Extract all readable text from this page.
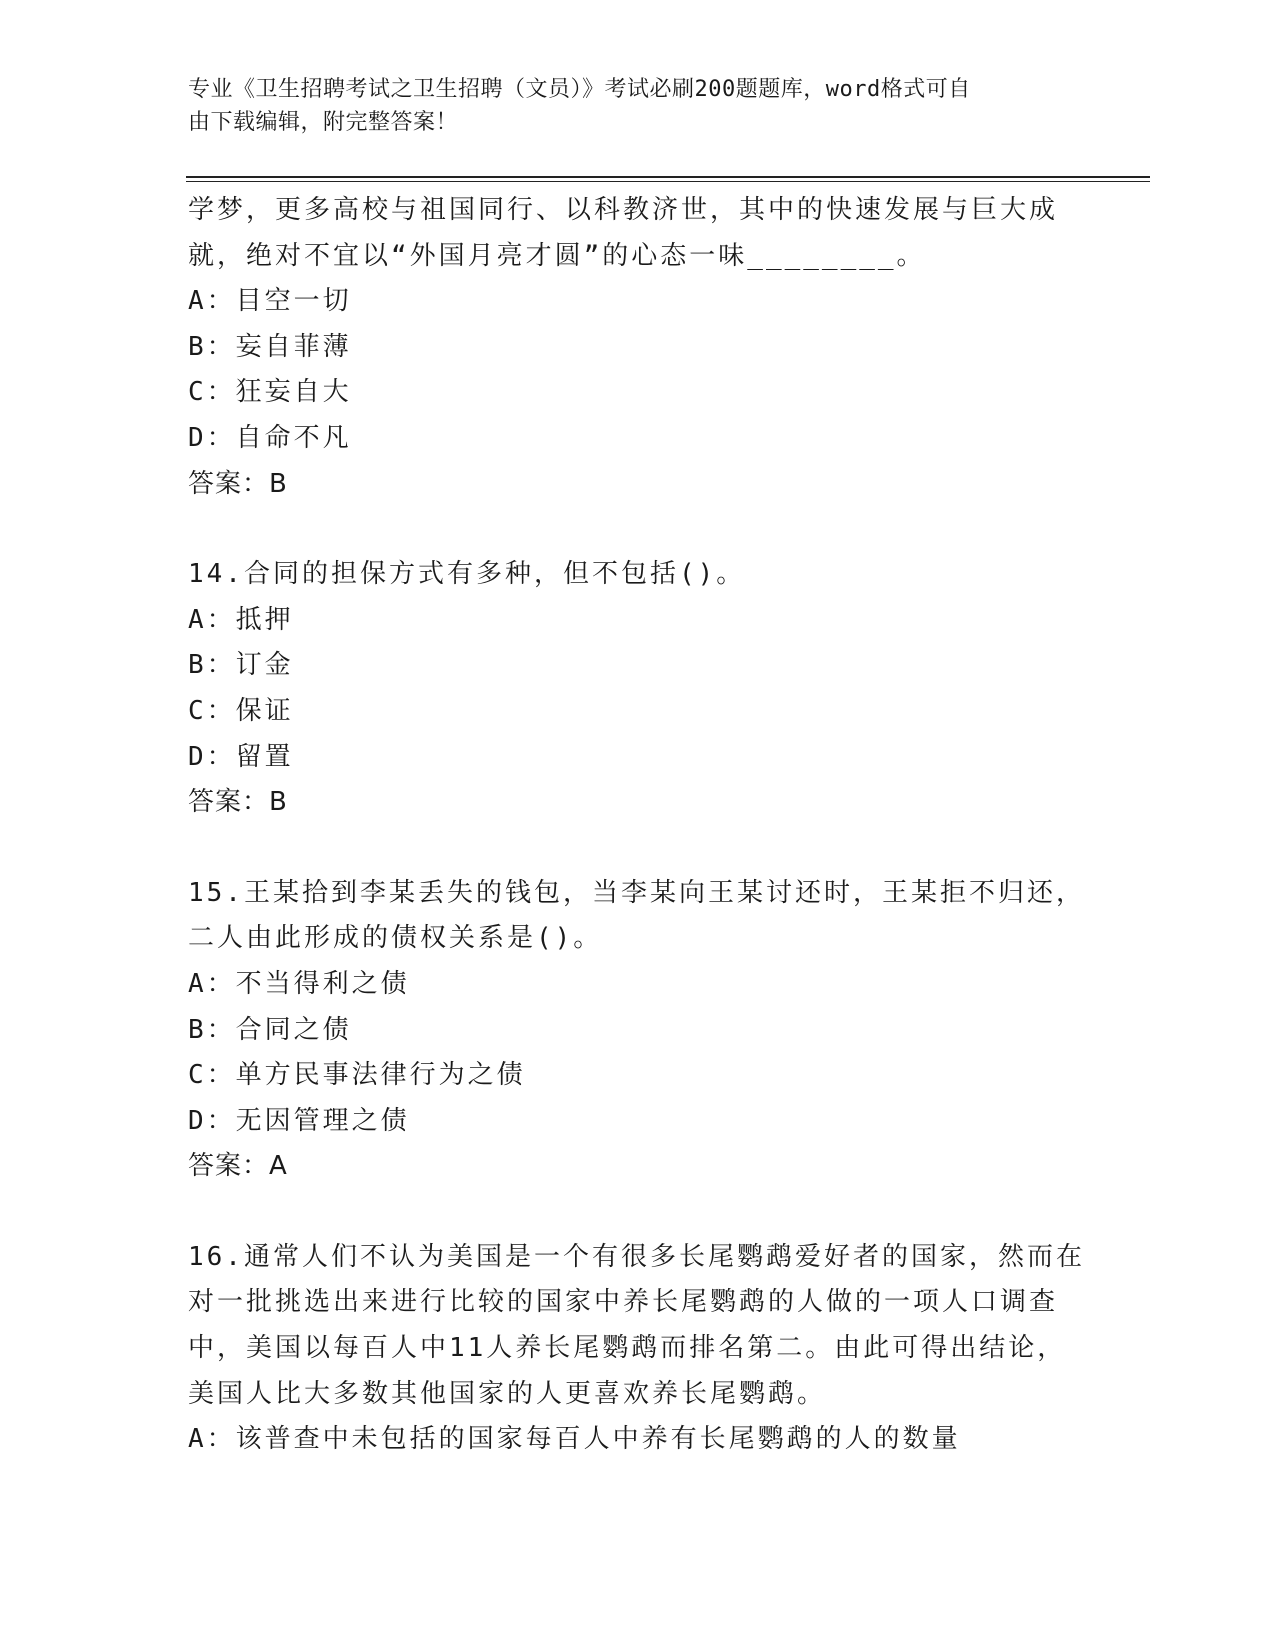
专业《卫生招聘考试之卫生招聘（文员）》考试必刷200题题库，word格式可自
由下载编辑，附完整答案！
学梦，更多高校与祖国同行、以科教济世，其中的快速发展与巨大成
就，绝对不宜以“外国月亮才圆”的心态一味________。
A：目空一切
B：妄自菲薄
C：狂妄自大
D：自命不凡
答案：B
14.合同的担保方式有多种，但不包括()。
A：抵押
B：订金
C：保证
D：留置
答案：B
15.王某拾到李某丢失的钱包，当李某向王某讨还时，王某拒不归还，
二人由此形成的债权关系是()。
A：不当得利之债
B：合同之债
C：单方民事法律行为之债
D：无因管理之债
答案：A
16.通常人们不认为美国是一个有很多长尾鹦鹉爱好者的国家，然而在
对一批挑选出来进行比较的国家中养长尾鹦鹉的人做的一项人口调查
中，美国以每百人中11人养长尾鹦鹉而排名第二。由此可得出结论，
美国人比大多数其他国家的人更喜欢养长尾鹦鹉。
A：该普查中未包括的国家每百人中养有长尾鹦鹉的人的数量
